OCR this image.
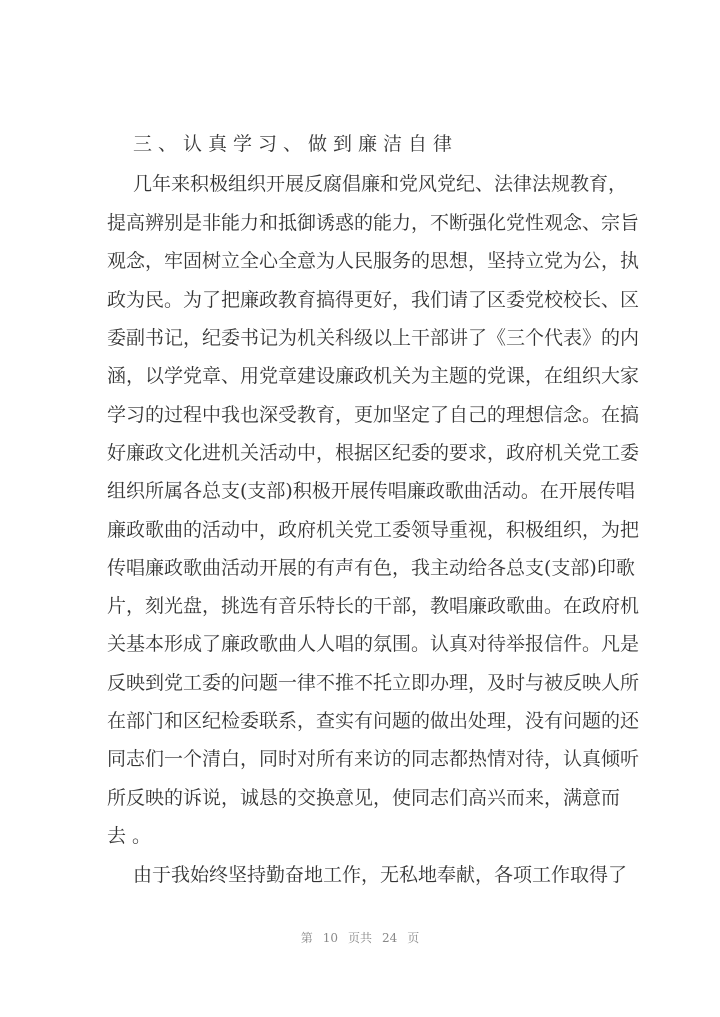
三、认真学习、做到廉洁自律
几年来积极组织开展反腐倡廉和党风党纪、法律法规教育，
提高辨别是非能力和抵御诱惑的能力，不断强化党性观念、宗旨
观念，牢固树立全心全意为人民服务的思想，坚持立党为公，执
政为民。为了把廉政教育搞得更好，我们请了区委党校校长、区
委副书记，纪委书记为机关科级以上干部讲了《三个代表》的内
涵，以学党章、用党章建设廉政机关为主题的党课，在组织大家
学习的过程中我也深受教育，更加坚定了自己的理想信念。在搞
好廉政文化进机关活动中，根据区纪委的要求，政府机关党工委
组织所属各总支(支部)积极开展传唱廉政歌曲活动。在开展传唱
廉政歌曲的活动中，政府机关党工委领导重视，积极组织，为把
传唱廉政歌曲活动开展的有声有色，我主动给各总支(支部)印歌
片，刻光盘，挑选有音乐特长的干部，教唱廉政歌曲。在政府机
关基本形成了廉政歌曲人人唱的氛围。认真对待举报信件。凡是
反映到党工委的问题一律不推不托立即办理，及时与被反映人所
在部门和区纪检委联系，查实有问题的做出处理，没有问题的还
同志们一个清白，同时对所有来访的同志都热情对待，认真倾听
所反映的诉说，诚恳的交换意见，使同志们高兴而来，满意而
去。
由于我始终坚持勤奋地工作，无私地奉献，各项工作取得了
第 10 页共 24 页
